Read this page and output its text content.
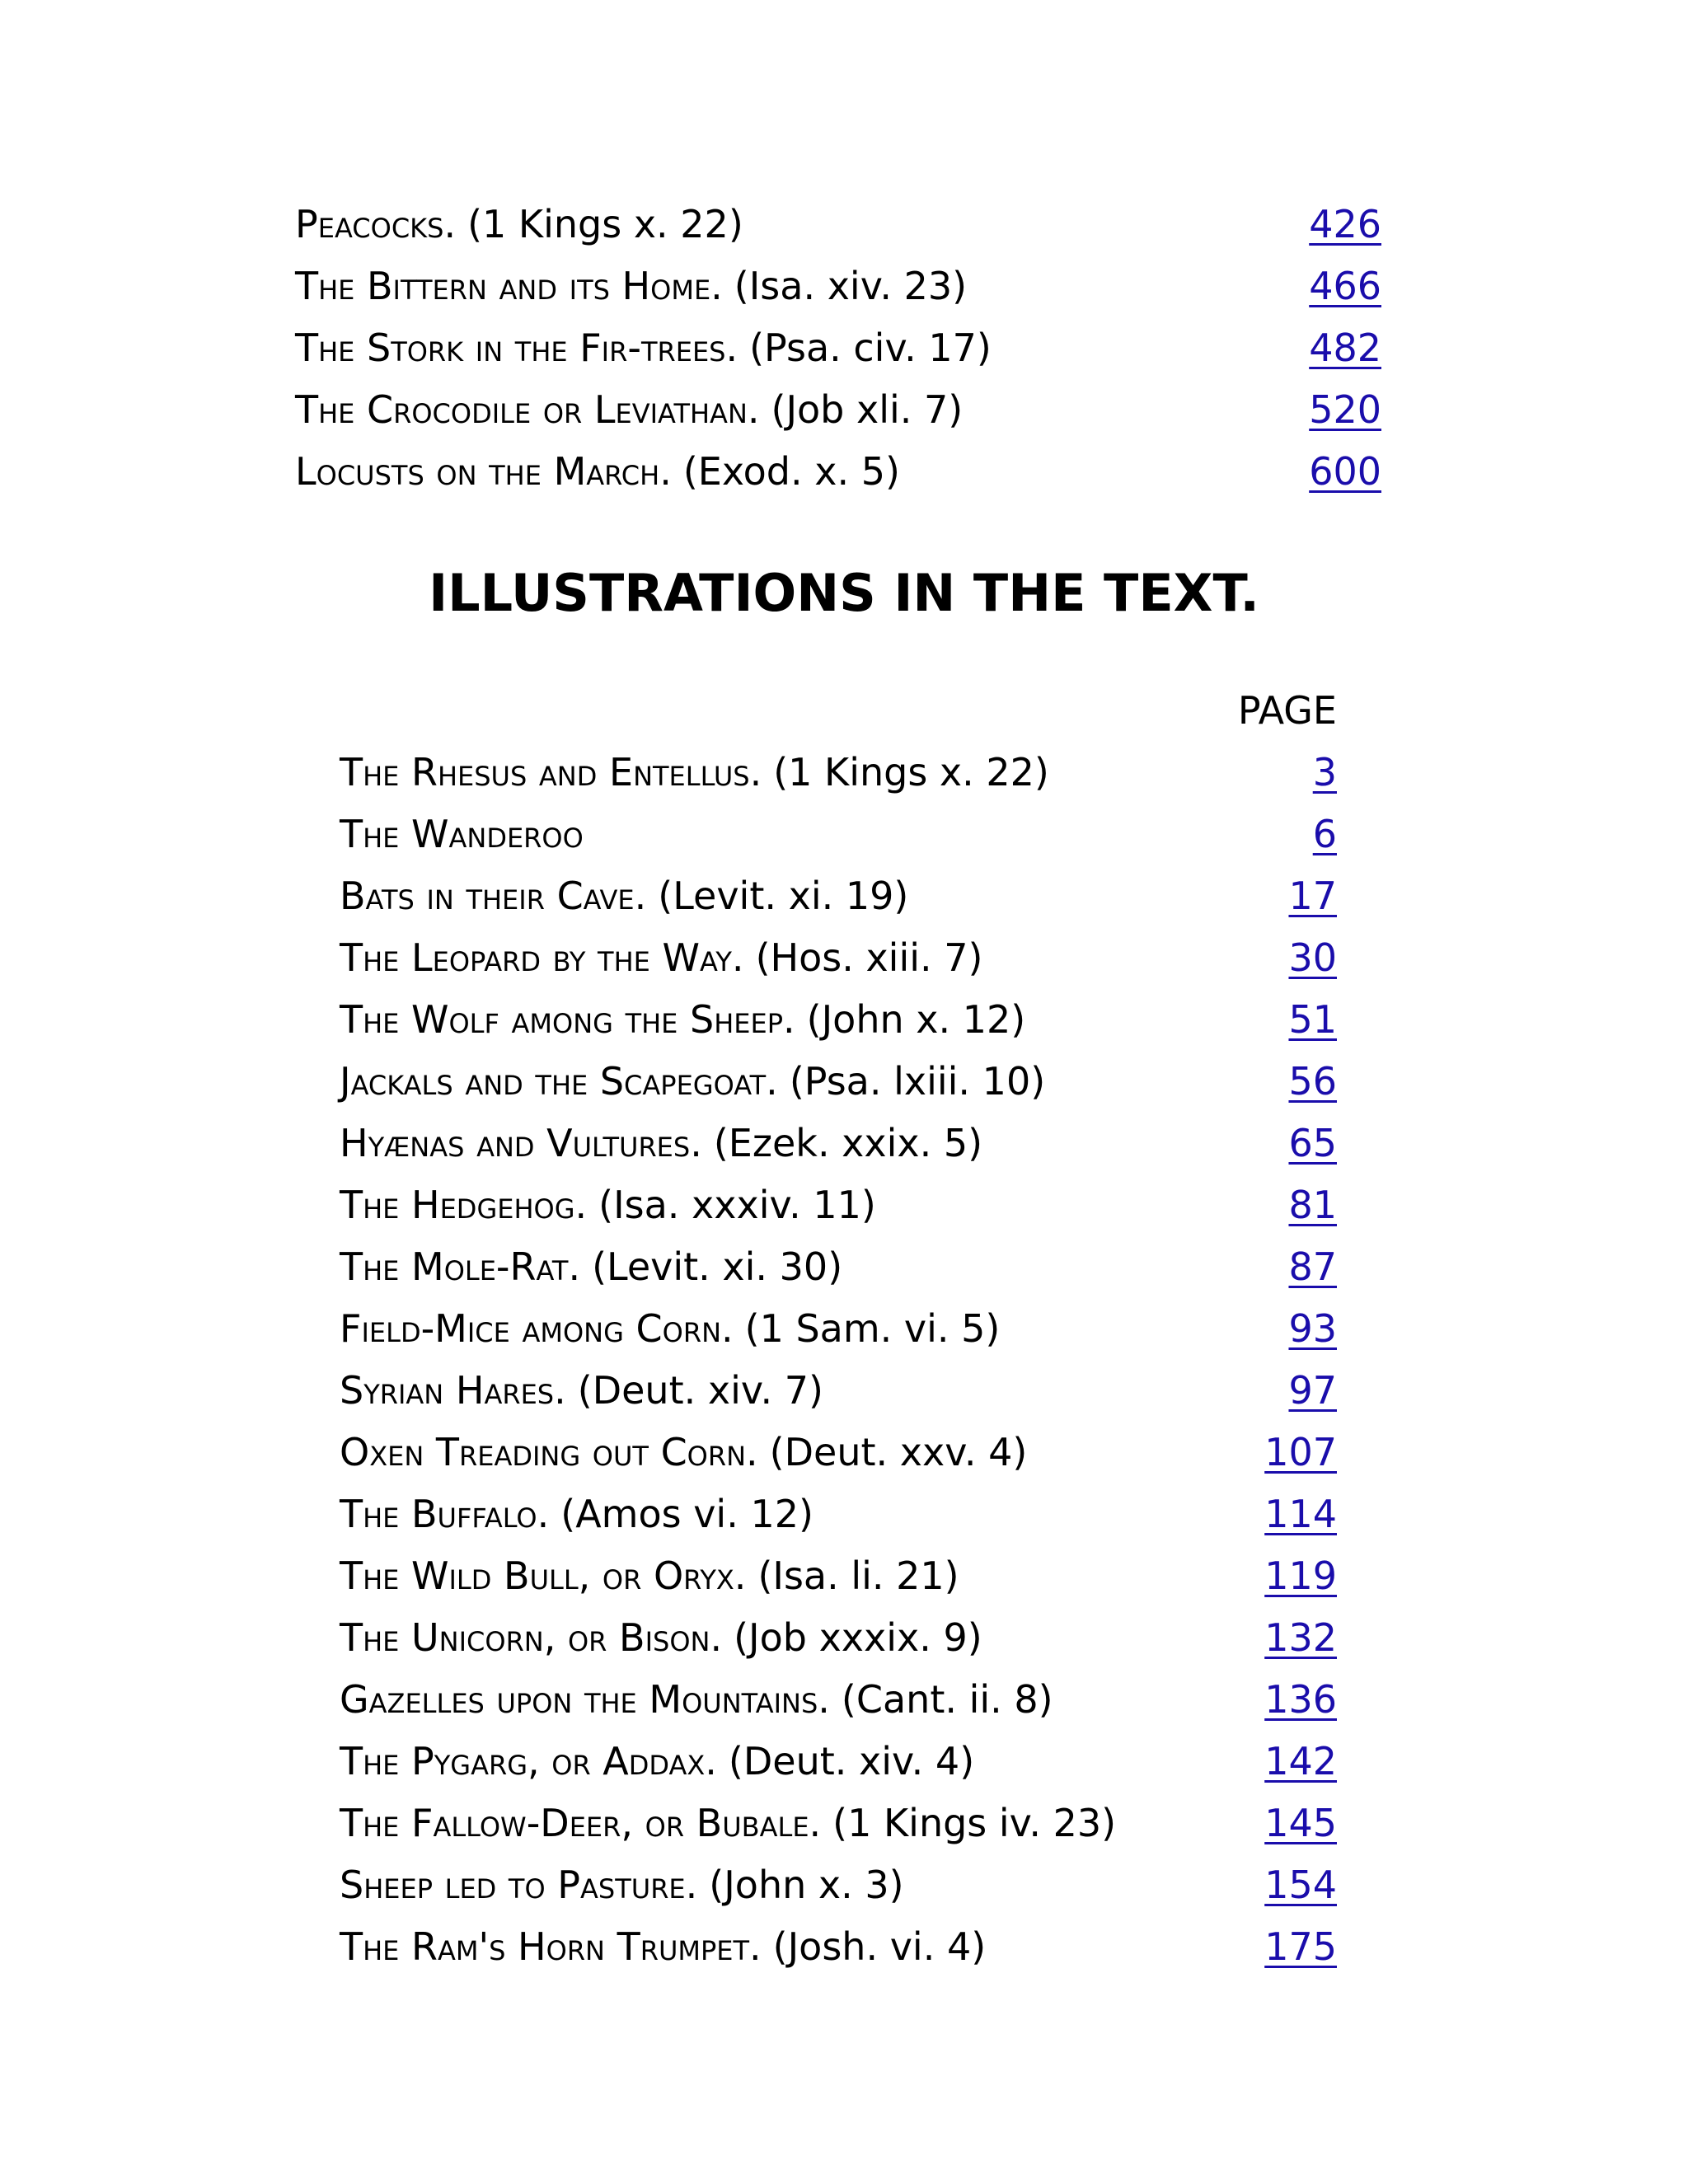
Peacocks. (1 Kings x. 22)	426
The Bittern and its Home. (Isa. xiv. 23)	466
The Stork in the Fir-trees. (Psa. civ. 17)	482
The Crocodile or Leviathan. (Job xli. 7)	520
Locusts on the March. (Exod. x. 5)	600
ILLUSTRATIONS IN THE TEXT.
PAGE
The Rhesus and Entellus. (1 Kings x. 22)	3
The Wanderoo	6
Bats in their Cave. (Levit. xi. 19)	17
The Leopard by the Way. (Hos. xiii. 7)	30
The Wolf among the Sheep. (John x. 12)	51
Jackals and the Scapegoat. (Psa. lxiii. 10)	56
Hyænas and Vultures. (Ezek. xxix. 5)	65
The Hedgehog. (Isa. xxxiv. 11)	81
The Mole-Rat. (Levit. xi. 30)	87
Field-Mice among Corn. (1 Sam. vi. 5)	93
Syrian Hares. (Deut. xiv. 7)	97
Oxen Treading out Corn. (Deut. xxv. 4)	107
The Buffalo. (Amos vi. 12)	114
The Wild Bull, or Oryx. (Isa. li. 21)	119
The Unicorn, or Bison. (Job xxxix. 9)	132
Gazelles upon the Mountains. (Cant. ii. 8)	136
The Pygarg, or Addax. (Deut. xiv. 4)	142
The Fallow-Deer, or Bubale. (1 Kings iv. 23)	145
Sheep led to Pasture. (John x. 3)	154
The Ram's Horn Trumpet. (Josh. vi. 4)	175
